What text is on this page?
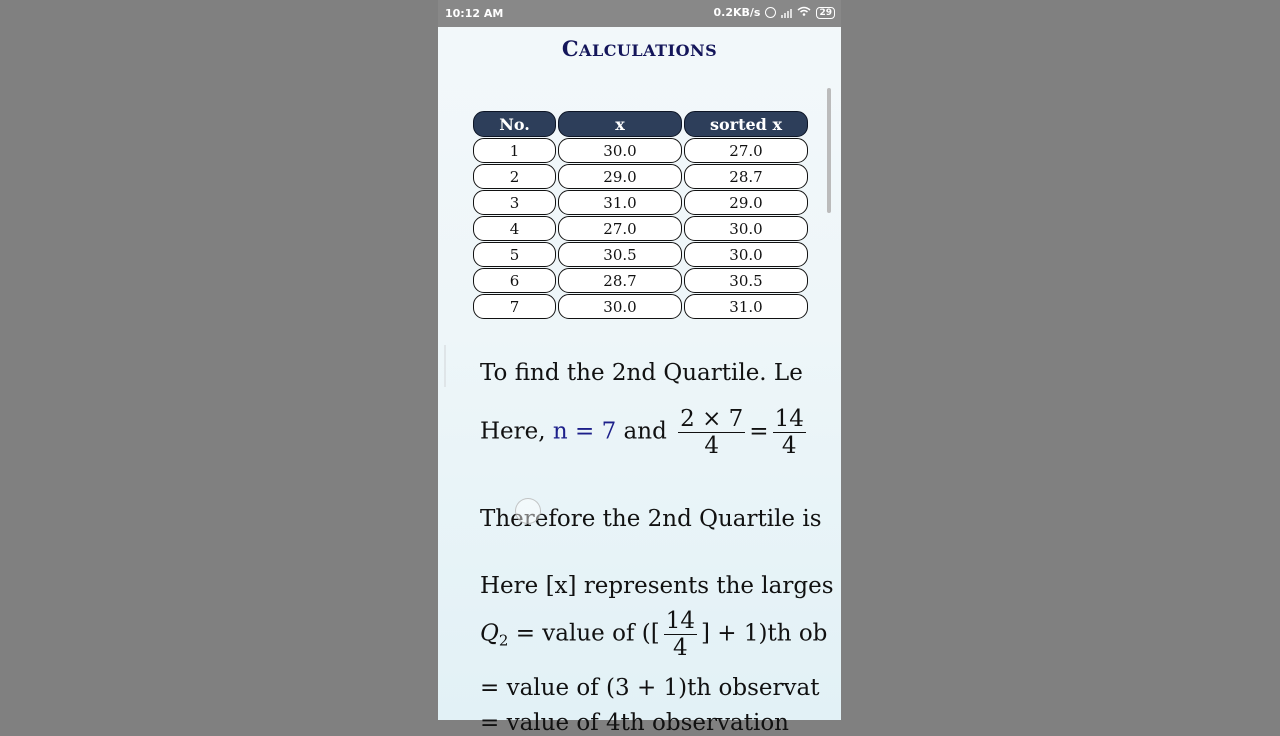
10:12 AM	0.2KB/s	29
CALCULATIONS
No.	x	sorted x
1	30.0	27.0
2	29.0	28.7
3	31.0	29.0
4	27.0	30.0
5	30.5	30.0
6	28.7	30.5
7	30.0	31.0
To find the 2nd Quartile. Le
Here, n = 7 and $\frac{2 \times 7}{4} = \frac{14}{4}$
Therefore the 2nd Quartile is
Here [x] represents the larges
$Q_2$ = value of ([ $\frac{14}{4}$ ] + 1)th ob
= value of (3 + 1)th observat
= value of 4th observation
